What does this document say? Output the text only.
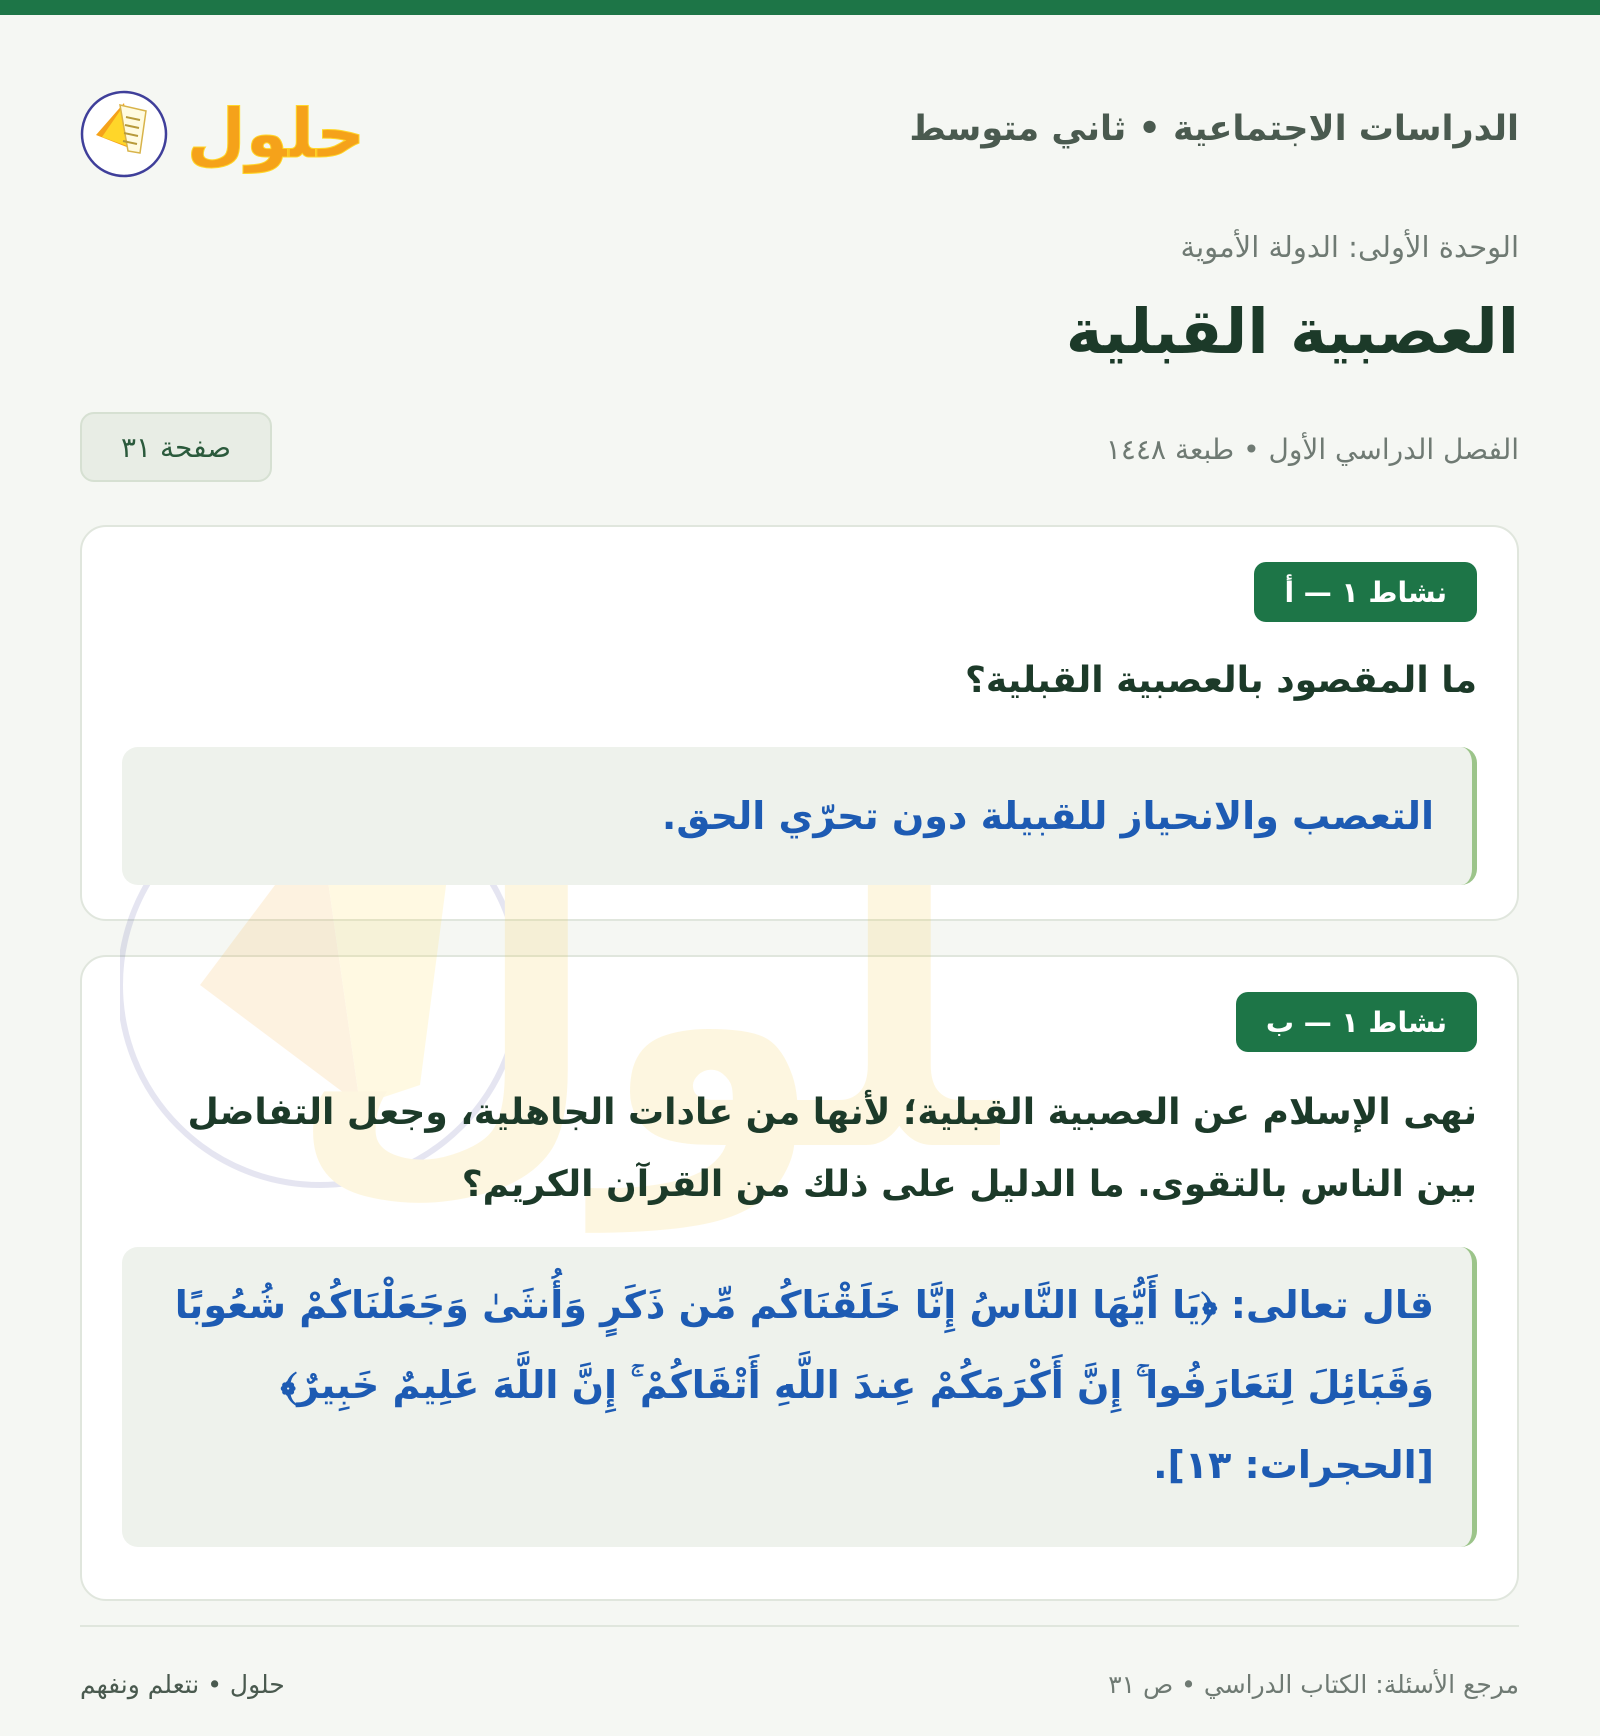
الدراسات الاجتماعية • ثاني متوسط
حلول
الوحدة الأولى: الدولة الأموية
العصبية القبلية
الفصل الدراسي الأول • طبعة ١٤٤٨
صفحة ٣١
نشاط ١ — أ
ما المقصود بالعصبية القبلية؟
التعصب والانحياز للقبيلة دون تحرّي الحق.
نشاط ١ — ب
نهى الإسلام عن العصبية القبلية؛ لأنها من عادات الجاهلية، وجعل التفاضل بين الناس بالتقوى. ما الدليل على ذلك من القرآن الكريم؟
قال تعالى: ﴿يَا أَيُّهَا النَّاسُ إِنَّا خَلَقْنَاكُم مِّن ذَكَرٍ وَأُنثَىٰ وَجَعَلْنَاكُمْ شُعُوبًا وَقَبَائِلَ لِتَعَارَفُوا ۚ إِنَّ أَكْرَمَكُمْ عِندَ اللَّهِ أَتْقَاكُمْ ۚ إِنَّ اللَّهَ عَلِيمٌ خَبِيرٌ﴾ [الحجرات: ١٣].
مرجع الأسئلة: الكتاب الدراسي • ص ٣١
حلول • نتعلم ونفهم
